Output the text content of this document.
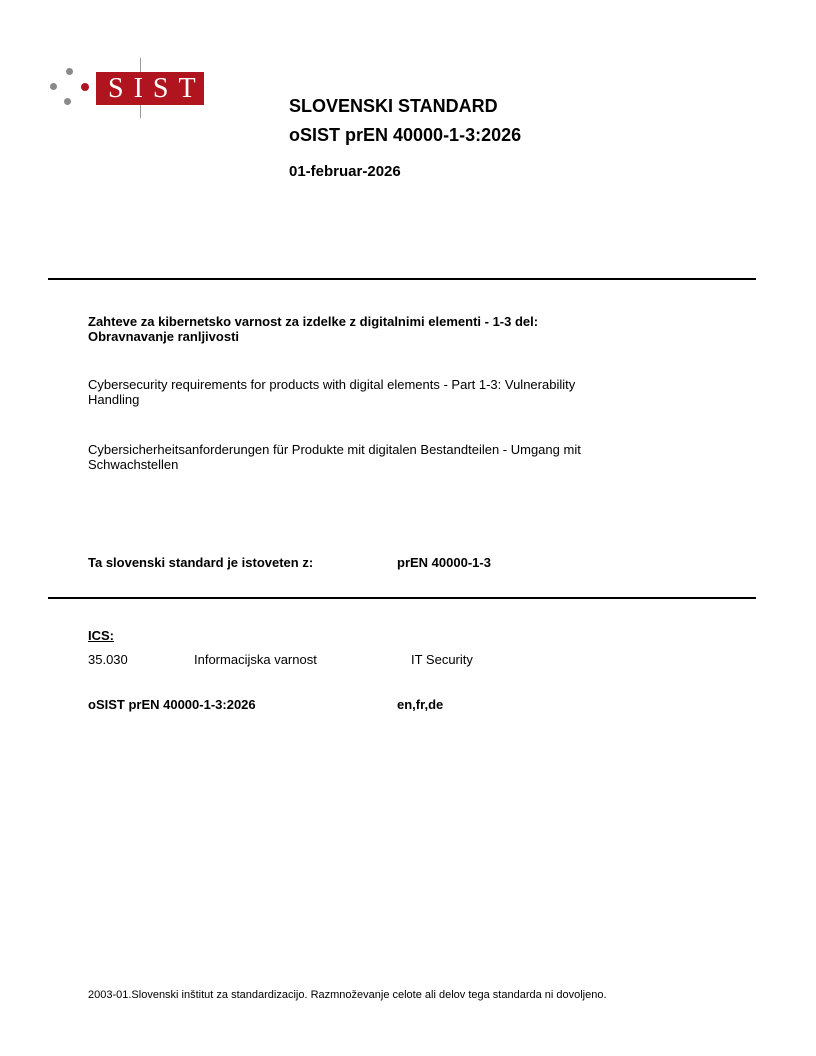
SIST
SLOVENSKI STANDARD
oSIST prEN 40000-1-3:2026
01-februar-2026
Zahteve za kibernetsko varnost za izdelke z digitalnimi elementi - 1-3 del:
Obravnavanje ranljivosti
Cybersecurity requirements for products with digital elements - Part 1-3: Vulnerability
Handling
Cybersicherheitsanforderungen für Produkte mit digitalen Bestandteilen - Umgang mit
Schwachstellen
Ta slovenski standard je istoveten z:	prEN 40000-1-3
ICS:
35.030	Informacijska varnost	IT Security
oSIST prEN 40000-1-3:2026	en,fr,de
2003-01.Slovenski inštitut za standardizacijo. Razmnoževanje celote ali delov tega standarda ni dovoljeno.
